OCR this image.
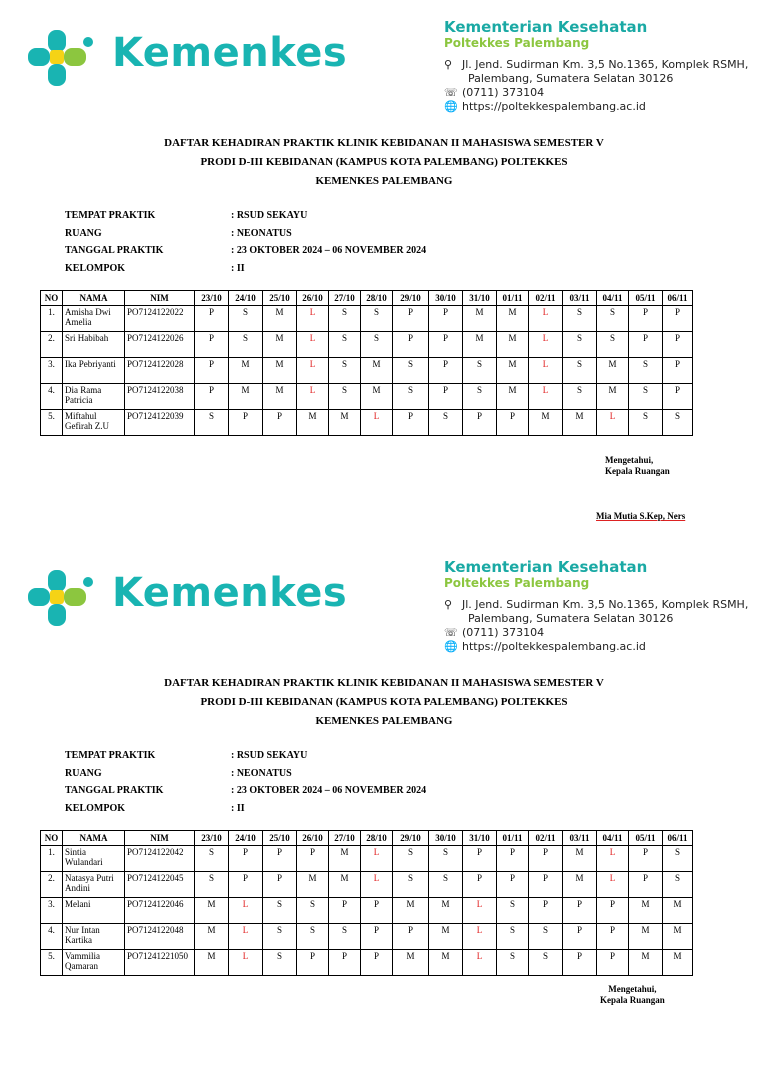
Kemenkes
Kementerian Kesehatan
Poltekkes Palembang
⚲ Jl. Jend. Sudirman Km. 3,5 No.1365, Komplek RSMH,
Palembang, Sumatera Selatan 30126
☏ (0711) 373104
🌐 https://poltekkespalembang.ac.id
DAFTAR KEHADIRAN PRAKTIK KLINIK KEBIDANAN II MAHASISWA SEMESTER V
PRODI D-III KEBIDANAN (KAMPUS KOTA PALEMBANG) POLTEKKES
KEMENKES PALEMBANG
TEMPAT PRAKTIK	: RSUD SEKAYU
RUANG	: NEONATUS
TANGGAL PRAKTIK	: 23 OKTOBER 2024 – 06 NOVEMBER 2024
KELOMPOK	: II
NO	NAMA	NIM	23/10	24/10	25/10	26/10	27/10	28/10	29/10	30/10	31/10	01/11	02/11	03/11	04/11	05/11	06/11
1.	Amisha Dwi Amelia	PO7124122022	P	S	M	L	S	S	P	P	M	M	L	S	S	P	P
2.	Sri Habibah	PO7124122026	P	S	M	L	S	S	P	P	M	M	L	S	S	P	P
3.	Ika Pebriyanti	PO7124122028	P	M	M	L	S	M	S	P	S	M	L	S	M	S	P
4.	Dia Rama Patricia	PO7124122038	P	M	M	L	S	M	S	P	S	M	L	S	M	S	P
5.	Miftahul Gefirah Z.U	PO7124122039	S	P	P	M	M	L	P	S	P	P	M	M	L	S	S
Mengetahui,
Kepala Ruangan
Mia Mutia S.Kep, Ners
Kemenkes
Kementerian Kesehatan
Poltekkes Palembang
⚲ Jl. Jend. Sudirman Km. 3,5 No.1365, Komplek RSMH,
Palembang, Sumatera Selatan 30126
☏ (0711) 373104
🌐 https://poltekkespalembang.ac.id
DAFTAR KEHADIRAN PRAKTIK KLINIK KEBIDANAN II MAHASISWA SEMESTER V
PRODI D-III KEBIDANAN (KAMPUS KOTA PALEMBANG) POLTEKKES
KEMENKES PALEMBANG
TEMPAT PRAKTIK	: RSUD SEKAYU
RUANG	: NEONATUS
TANGGAL PRAKTIK	: 23 OKTOBER 2024 – 06 NOVEMBER 2024
KELOMPOK	: II
NO	NAMA	NIM	23/10	24/10	25/10	26/10	27/10	28/10	29/10	30/10	31/10	01/11	02/11	03/11	04/11	05/11	06/11
1.	Sintia Wulandari	PO7124122042	S	P	P	P	M	L	S	S	P	P	P	M	L	P	S
2.	Natasya Putri Andini	PO7124122045	S	P	P	M	M	L	S	S	P	P	P	M	L	P	S
3.	Melani	PO7124122046	M	L	S	S	P	P	M	M	L	S	P	P	P	M	M
4.	Nur Intan Kartika	PO7124122048	M	L	S	S	S	P	P	M	L	S	S	P	P	M	M
5.	Vammilia Qamaran	PO71241221050	M	L	S	P	P	P	M	M	L	S	S	P	P	M	M
Mengetahui,
Kepala Ruangan
